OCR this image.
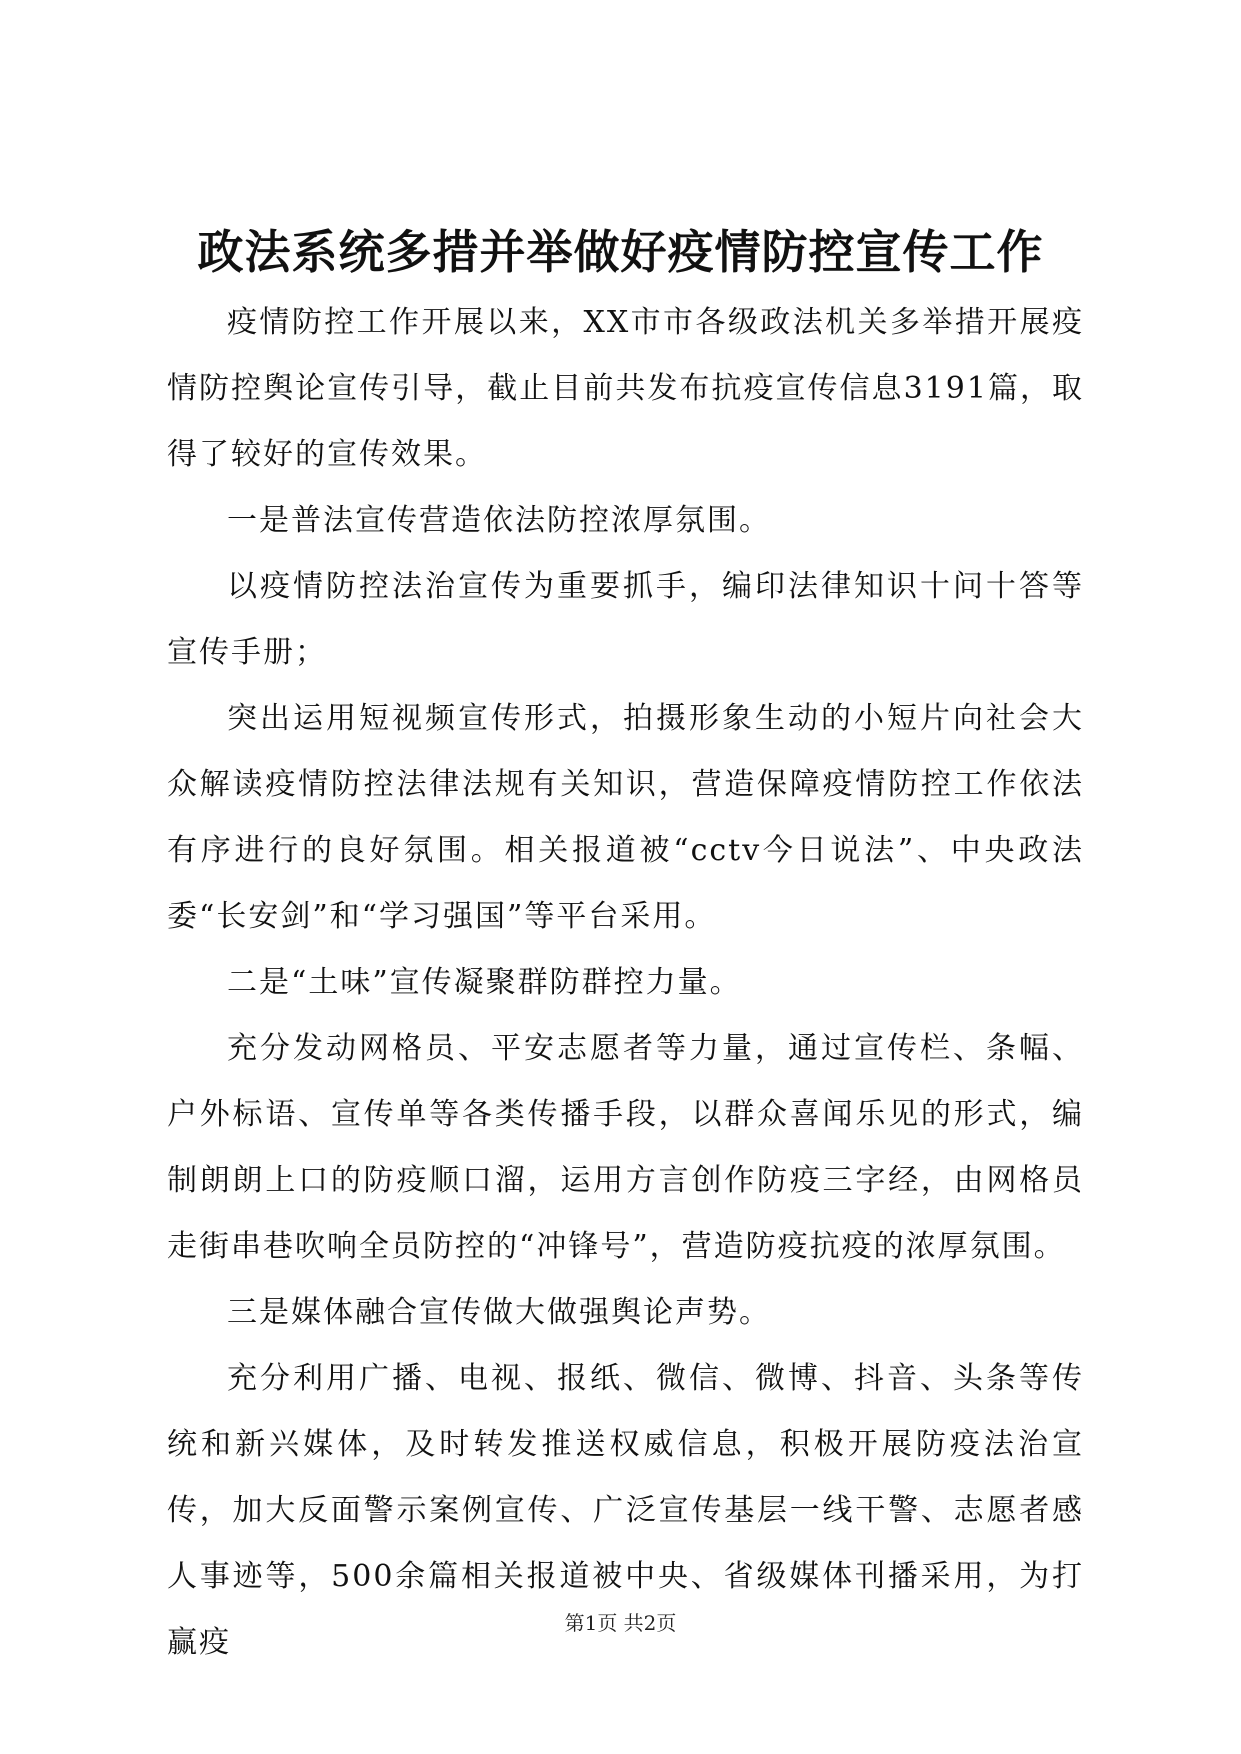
政法系统多措并举做好疫情防控宣传工作

疫情防控工作开展以来，XX市市各级政法机关多举措开展疫情防控舆论宣传引导，截止目前共发布抗疫宣传信息3191篇，取得了较好的宣传效果。

一是普法宣传营造依法防控浓厚氛围。

以疫情防控法治宣传为重要抓手，编印法律知识十问十答等宣传手册；

突出运用短视频宣传形式，拍摄形象生动的小短片向社会大众解读疫情防控法律法规有关知识，营造保障疫情防控工作依法有序进行的良好氛围。相关报道被“cctv今日说法”、中央政法委“长安剑”和“学习强国”等平台采用。

二是“土味”宣传凝聚群防群控力量。

充分发动网格员、平安志愿者等力量，通过宣传栏、条幅、户外标语、宣传单等各类传播手段，以群众喜闻乐见的形式，编制朗朗上口的防疫顺口溜，运用方言创作防疫三字经，由网格员走街串巷吹响全员防控的“冲锋号”，营造防疫抗疫的浓厚氛围。

三是媒体融合宣传做大做强舆论声势。

充分利用广播、电视、报纸、微信、微博、抖音、头条等传统和新兴媒体，及时转发推送权威信息，积极开展防疫法治宣传，加大反面警示案例宣传、广泛宣传基层一线干警、志愿者感人事迹等，500余篇相关报道被中央、省级媒体刊播采用，为打赢疫

第1页 共2页
